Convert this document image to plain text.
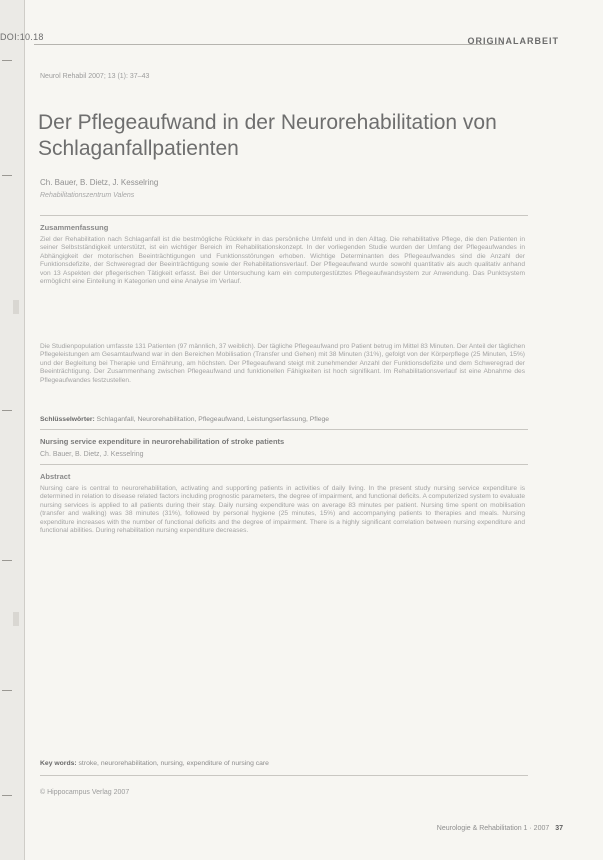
DOI:10.18	ORIGINALARBEIT
Neurol Rehabil 2007; 13 (1): 37–43
Der Pflegeaufwand in der Neurorehabilitation von Schlaganfallpatienten
Ch. Bauer, B. Dietz, J. Kesselring
Rehabilitationszentrum Valens
Zusammenfassung
Ziel der Rehabilitation nach Schlaganfall ist die bestmögliche Rückkehr in das persönliche Umfeld und in den Alltag. Die rehabilitative Pflege, die den Patienten in seiner Selbstständigkeit unterstützt, ist ein wichtiger Bereich im Rehabilitationskonzept. In der vorliegenden Studie wurden der Umfang der Pflegeaufwandes in Abhängigkeit der motorischen Beeinträchtigungen und Funktionsstörungen erhoben. Wichtige Determinanten des Pflegeaufwandes sind die Anzahl der Funktionsdefizite, der Schweregrad der Beeinträchtigung sowie der Rehabilitationsverlauf. Der Pflegeaufwand wurde sowohl quantitativ als auch qualitativ anhand von 13 Aspekten der pflegerischen Tätigkeit erfasst. Bei der Untersuchung kam ein computergestütztes Pflegeaufwandsystem zur Anwendung. Das Punktsystem ermöglicht eine Einteilung in Kategorien und eine Analyse im Verlauf.
Die Studienpopulation umfasste 131 Patienten (97 männlich, 37 weiblich). Der tägliche Pflegeaufwand pro Patient betrug im Mittel 83 Minuten. Der Anteil der täglichen Pflegeleistungen am Gesamtaufwand war in den Bereichen Mobilisation (Transfer und Gehen) mit 38 Minuten (31%), gefolgt von der Körperpflege (25 Minuten, 15%) und der Begleitung bei Therapie und Ernährung, am höchsten. Der Pflegeaufwand steigt mit zunehmender Anzahl der Funktionsdefizite und dem Schweregrad der Beeinträchtigung. Der Zusammenhang zwischen Pflegeaufwand und funktionellen Fähigkeiten ist hoch signifikant. Im Rehabilitationsverlauf ist eine Abnahme des Pflegeaufwandes festzustellen.
Schlüsselwörter: Schlaganfall, Neurorehabilitation, Pflegeaufwand, Leistungserfassung, Pflege
Nursing service expenditure in neurorehabilitation of stroke patients
Ch. Bauer, B. Dietz, J. Kesselring
Abstract
Nursing care is central to neurorehabilitation, activating and supporting patients in activities of daily living. In the present study nursing service expenditure is determined in relation to disease related factors including prognostic parameters, the degree of impairment, and functional deficits. A computerized system to evaluate nursing services is applied to all patients during their stay. Daily nursing expenditure was on average 83 minutes per patient. Nursing time spent on mobilisation (transfer and walking) was 38 minutes (31%), followed by personal hygiene (25 minutes, 15%) and accompanying patients to therapies and meals. Nursing expenditure increases with the number of functional deficits and the degree of impairment. There is a highly significant correlation between nursing expenditure and functional abilities. During rehabilitation nursing expenditure decreases.
Key words: stroke, neurorehabilitation, nursing, expenditure of nursing care
© Hippocampus Verlag 2007
Neurologie & Rehabilitation 1 · 2007 37
